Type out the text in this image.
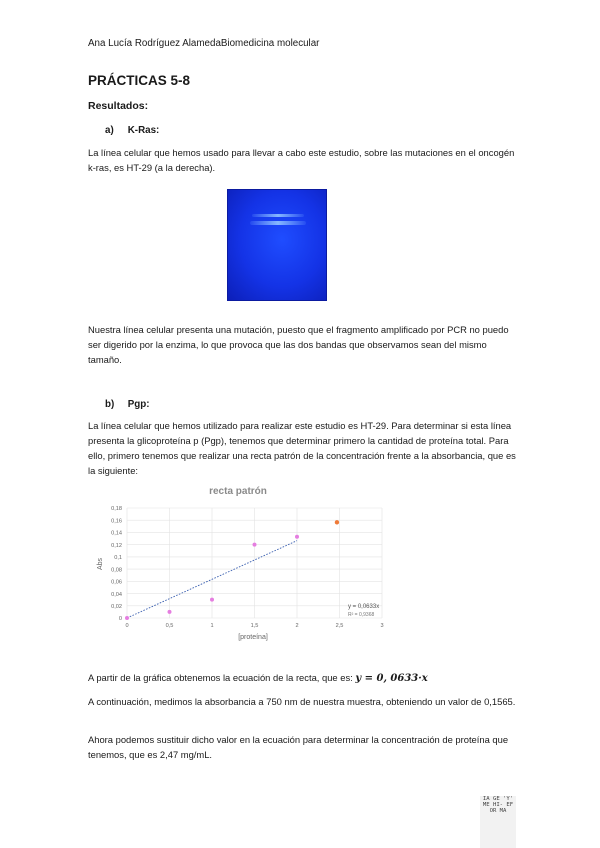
Ana Lucía Rodríguez AlamedaBiomedicina molecular
PRÁCTICAS 5-8
Resultados:
a) K-Ras:
La línea celular que hemos usado para llevar a cabo este estudio, sobre las mutaciones en el oncogén k-ras, es HT-29 (a la derecha).
Nuestra línea celular presenta una mutación, puesto que el fragmento amplificado por PCR no puedo ser digerido por la enzima, lo que provoca que las dos bandas que observamos sean del mismo tamaño.
b) Pgp:
La línea celular que hemos utilizado para realizar este estudio es HT-29. Para determinar si esta línea presenta la glicoproteína p (Pgp), tenemos que determinar primero la cantidad de proteína total. Para ello, primero tenemos que realizar una recta patrón de la concentración frente a la absorbancia, que es la siguiente:
recta patrón
0
0,02
0,04
0,06
0,08
0,1
0,12
0,14
0,16
0,18
0	0,5	1	1,5	2	2,5	3
Abs
[proteína]
y = 0,0633x
R² = 0,9368
A partir de la gráfica obtenemos la ecuación de la recta, que es: y = 0, 0633·x
A continuación, medimos la absorbancia a 750 nm de nuestra muestra, obteniendo un valor de 0,1565.
Ahora podemos sustituir dicho valor en la ecuación para determinar la concentración de proteína que tenemos, que es 2,47 mg/mL.
IA GE 'Y' ME HI- EF OR MA
